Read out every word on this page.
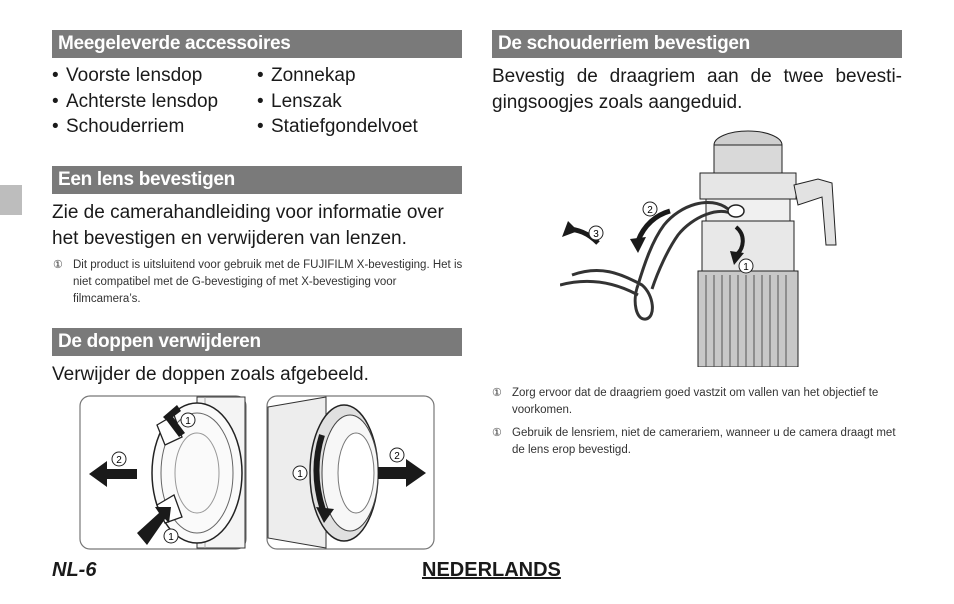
Meegeleverde accessoires
• Voorste lensdop
• Achterste lensdop
• Schouderriem
• Zonnekap
• Lenszak
• Statiefgondelvoet
Een lens bevestigen

Zie de camerahandleiding voor informatie over het bevestigen en verwijderen van lenzen.

① Dit product is uitsluitend voor gebruik met de FUJIFILM X-bevestiging. Het is niet compatibel met de G-bevestiging of met X-bevestiging voor filmcamera’s.

De doppen verwijderen

Verwijder de doppen zoals afgebeeld.

1
2
1
1
2
De schouderriem bevestigen

Bevestig de draagriem aan de twee bevesti- gingsoogjes zoals aangeduid.

2
3
1

① Zorg ervoor dat de draagriem goed vastzit om vallen van het objectief te voorkomen.

① Gebruik de lensriem, niet de camerariem, wanneer u de camera draagt met de lens erop bevestigd.

NL-6	NEDERLANDS
